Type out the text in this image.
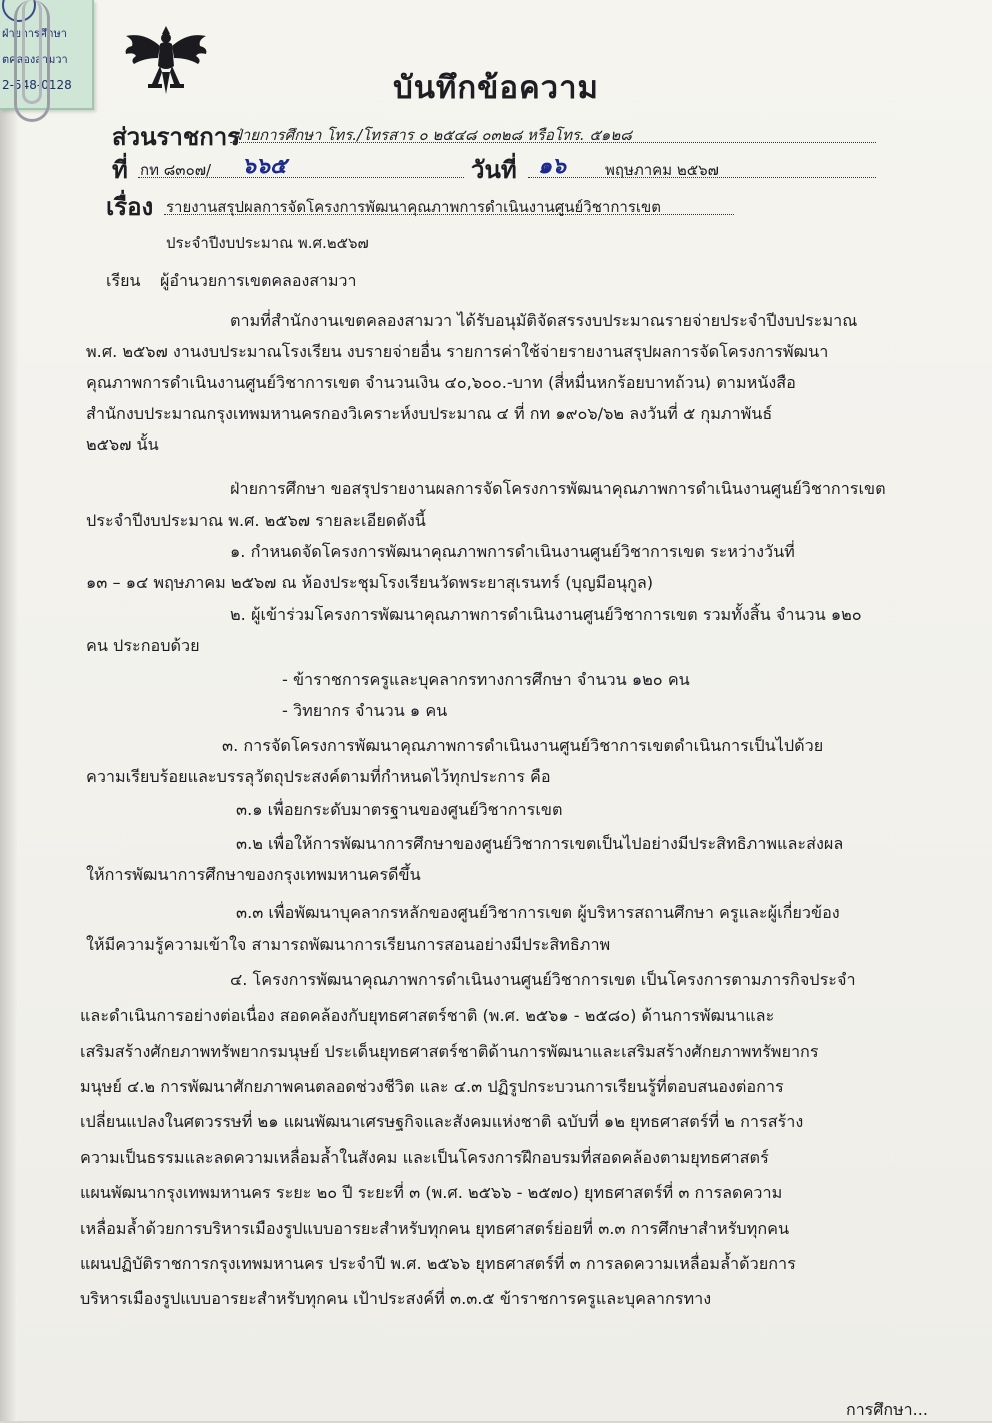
ฝ่ายการศึกษา
ตคลองสามวา
2-548-0128	บันทึกข้อความ
ส่วนราชการ
ฝ่ายการศึกษา โทร./โทรสาร ๐ ๒๕๔๘ ๐๓๒๘ หรือโทร. ๕๑๒๘
ที่ กท ๘๓๐๗/ ๖๖๕	วันที่ ๑๖	พฤษภาคม ๒๕๖๗
เรื่อง รายงานสรุปผลการจัดโครงการพัฒนาคุณภาพการดำเนินงานศูนย์วิชาการเขต
ประจำปีงบประมาณ พ.ศ.๒๕๖๗
เรียน ผู้อำนวยการเขตคลองสามวา
ตามที่สำนักงานเขตคลองสามวา ได้รับอนุมัติจัดสรรงบประมาณรายจ่ายประจำปีงบประมาณ
พ.ศ. ๒๕๖๗ งานงบประมาณโรงเรียน งบรายจ่ายอื่น รายการค่าใช้จ่ายรายงานสรุปผลการจัดโครงการพัฒนา
คุณภาพการดำเนินงานศูนย์วิชาการเขต จำนวนเงิน ๔๐,๖๐๐.-บาท (สี่หมื่นหกร้อยบาทถ้วน) ตามหนังสือ
สำนักงบประมาณกรุงเทพมหานครกองวิเคราะห์งบประมาณ ๔ ที่ กท ๑๙๐๖/๖๒ ลงวันที่ ๕ กุมภาพันธ์
๒๕๖๗ นั้น
ฝ่ายการศึกษา ขอสรุปรายงานผลการจัดโครงการพัฒนาคุณภาพการดำเนินงานศูนย์วิชาการเขต
ประจำปีงบประมาณ พ.ศ. ๒๕๖๗ รายละเอียดดังนี้
๑. กำหนดจัดโครงการพัฒนาคุณภาพการดำเนินงานศูนย์วิชาการเขต ระหว่างวันที่
๑๓ – ๑๔ พฤษภาคม ๒๕๖๗ ณ ห้องประชุมโรงเรียนวัดพระยาสุเรนทร์ (บุญมีอนุกูล)
๒. ผู้เข้าร่วมโครงการพัฒนาคุณภาพการดำเนินงานศูนย์วิชาการเขต รวมทั้งสิ้น จำนวน ๑๒๐
คน ประกอบด้วย
- ข้าราชการครูและบุคลากรทางการศึกษา จำนวน ๑๒๐ คน
- วิทยากร จำนวน ๑ คน
๓. การจัดโครงการพัฒนาคุณภาพการดำเนินงานศูนย์วิชาการเขตดำเนินการเป็นไปด้วย
ความเรียบร้อยและบรรลุวัตถุประสงค์ตามที่กำหนดไว้ทุกประการ คือ
๓.๑ เพื่อยกระดับมาตรฐานของศูนย์วิชาการเขต
๓.๒ เพื่อให้การพัฒนาการศึกษาของศูนย์วิชาการเขตเป็นไปอย่างมีประสิทธิภาพและส่งผล
ให้การพัฒนาการศึกษาของกรุงเทพมหานครดีขึ้น
๓.๓ เพื่อพัฒนาบุคลากรหลักของศูนย์วิชาการเขต ผู้บริหารสถานศึกษา ครูและผู้เกี่ยวข้อง
ให้มีความรู้ความเข้าใจ สามารถพัฒนาการเรียนการสอนอย่างมีประสิทธิภาพ
๔. โครงการพัฒนาคุณภาพการดำเนินงานศูนย์วิชาการเขต เป็นโครงการตามภารกิจประจำ
และดำเนินการอย่างต่อเนื่อง สอดคล้องกับยุทธศาสตร์ชาติ (พ.ศ. ๒๕๖๑ - ๒๕๘๐) ด้านการพัฒนาและ
เสริมสร้างศักยภาพทรัพยากรมนุษย์ ประเด็นยุทธศาสตร์ชาติด้านการพัฒนาและเสริมสร้างศักยภาพทรัพยากร
มนุษย์ ๔.๒ การพัฒนาศักยภาพคนตลอดช่วงชีวิต และ ๔.๓ ปฏิรูปกระบวนการเรียนรู้ที่ตอบสนองต่อการ
เปลี่ยนแปลงในศตวรรษที่ ๒๑ แผนพัฒนาเศรษฐกิจและสังคมแห่งชาติ ฉบับที่ ๑๒ ยุทธศาสตร์ที่ ๒ การสร้าง
ความเป็นธรรมและลดความเหลื่อมล้ำในสังคม และเป็นโครงการฝึกอบรมที่สอดคล้องตามยุทธศาสตร์
แผนพัฒนากรุงเทพมหานคร ระยะ ๒๐ ปี ระยะที่ ๓ (พ.ศ. ๒๕๖๖ - ๒๕๗๐) ยุทธศาสตร์ที่ ๓ การลดความ
เหลื่อมล้ำด้วยการบริหารเมืองรูปแบบอารยะสำหรับทุกคน ยุทธศาสตร์ย่อยที่ ๓.๓ การศึกษาสำหรับทุกคน
แผนปฏิบัติราชการกรุงเทพมหานคร ประจำปี พ.ศ. ๒๕๖๖ ยุทธศาสตร์ที่ ๓ การลดความเหลื่อมล้ำด้วยการ
บริหารเมืองรูปแบบอารยะสำหรับทุกคน เป้าประสงค์ที่ ๓.๓.๕ ข้าราชการครูและบุคลากรทาง
การศึกษา...
